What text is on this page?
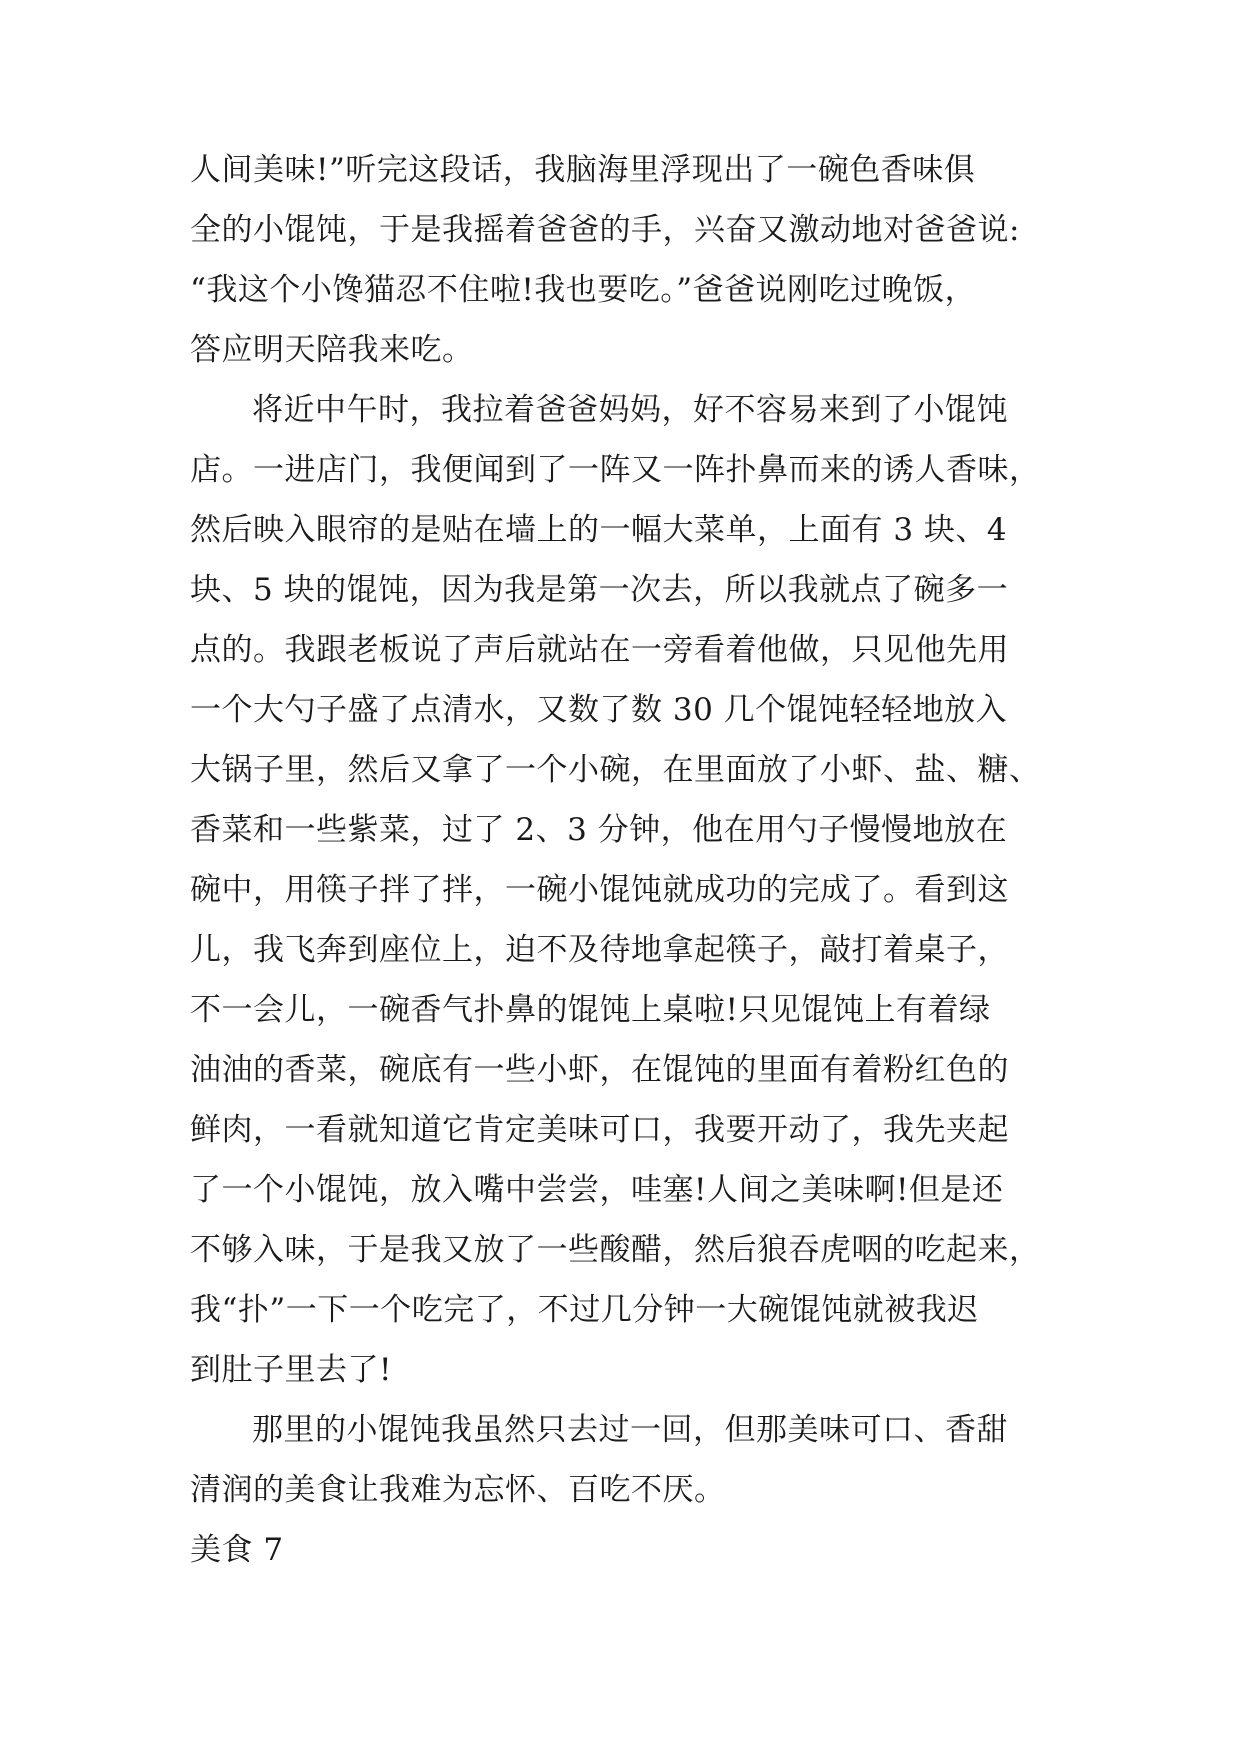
人间美味!”听完这段话，我脑海里浮现出了一碗色香味俱
全的小馄饨，于是我摇着爸爸的手，兴奋又激动地对爸爸说:
“我这个小馋猫忍不住啦!我也要吃。”爸爸说刚吃过晚饭，
答应明天陪我来吃。
将近中午时，我拉着爸爸妈妈，好不容易来到了小馄饨
店。一进店门，我便闻到了一阵又一阵扑鼻而来的诱人香味，
然后映入眼帘的是贴在墙上的一幅大菜单，上面有 3 块、4
块、5 块的馄饨，因为我是第一次去，所以我就点了碗多一
点的。我跟老板说了声后就站在一旁看着他做，只见他先用
一个大勺子盛了点清水，又数了数 30 几个馄饨轻轻地放入
大锅子里，然后又拿了一个小碗，在里面放了小虾、盐、糖、
香菜和一些紫菜，过了 2、3 分钟，他在用勺子慢慢地放在
碗中，用筷子拌了拌，一碗小馄饨就成功的完成了。看到这
儿，我飞奔到座位上，迫不及待地拿起筷子，敲打着桌子，
不一会儿，一碗香气扑鼻的馄饨上桌啦!只见馄饨上有着绿
油油的香菜，碗底有一些小虾，在馄饨的里面有着粉红色的
鲜肉，一看就知道它肯定美味可口，我要开动了，我先夹起
了一个小馄饨，放入嘴中尝尝，哇塞!人间之美味啊!但是还
不够入味，于是我又放了一些酸醋，然后狼吞虎咽的吃起来，
我“扑”一下一个吃完了，不过几分钟一大碗馄饨就被我迟
到肚子里去了!
那里的小馄饨我虽然只去过一回，但那美味可口、香甜
清润的美食让我难为忘怀、百吃不厌。
美食 7
